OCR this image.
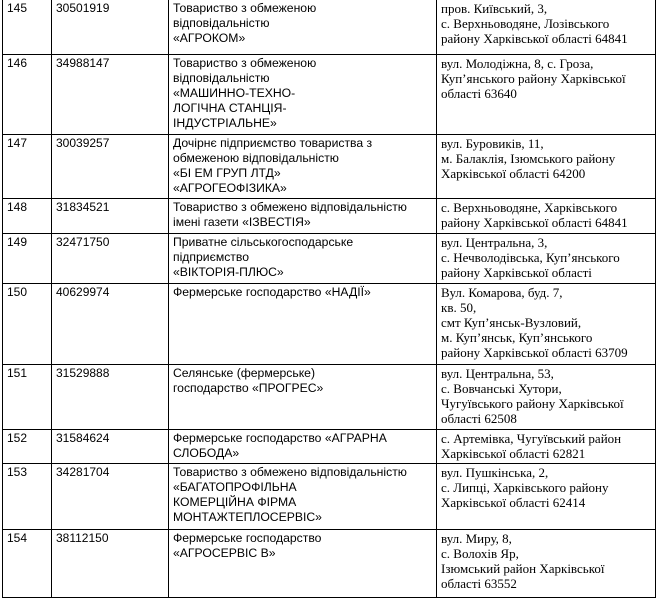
145	30501919	Товариство з обмеженою
відповідальністю
«АГРОКОМ»	пров. Київський, 3,
с. Верхньоводяне, Лозівського
району Харківської області 64841
146	34988147	Товариство з обмеженою
відповідальністю
«МАШИННО-ТЕХНО-
ЛОГІЧНА СТАНЦІЯ-
ІНДУСТРІАЛЬНЕ»	вул. Молодіжна, 8, с. Гроза,
Куп’янського району Харківської
області 63640
147	30039257	Дочірнє підприємство товариства з
обмеженою відповідальністю
«БІ ЕМ ГРУП ЛТД»
«АГРОГЕОФІЗИКА»	вул. Буровиків, 11,
м. Балаклія, Ізюмського району
Харківської області 64200
148	31834521	Товариство з обмежено відповідальністю
імені газети «ІЗВЕСТІЯ»	с. Верхньоводяне, Харківського
району Харківської області 64841
149	32471750	Приватне сільськогосподарське
підприємство
«ВІКТОРІЯ-ПЛЮС»	вул. Центральна, 3,
с. Нечволодівська, Куп’янського
району Харківської області
150	40629974	Фермерське господарство «НАДІЇ»	Вул. Комарова, буд. 7,
кв. 50,
смт Куп’янськ-Вузловий,
м. Куп’янськ, Куп’янського
району Харківської області 63709
151	31529888	Селянське (фермерське)
господарство «ПРОГРЕС»	вул. Центральна, 53,
с. Вовчанські Хутори,
Чугуївського району Харківської
області 62508
152	31584624	Фермерське господарство «АГРАРНА
СЛОБОДА»	с. Артемівка, Чугуївський район
Харківської області 62821
153	34281704	Товариство з обмежено відповідальністю
«БАГАТОПРОФІЛЬНА
КОМЕРЦІЙНА ФІРМА
МОНТАЖТЕПЛОСЕРВІС»	вул. Пушкінська, 2,
с. Липці, Харківського району
Харківської області 62414
154	38112150	Фермерське господарство
«АГРОСЕРВІС В»	вул. Миру, 8,
с. Волохів Яр,
Ізюмський район Харківської
області 63552
